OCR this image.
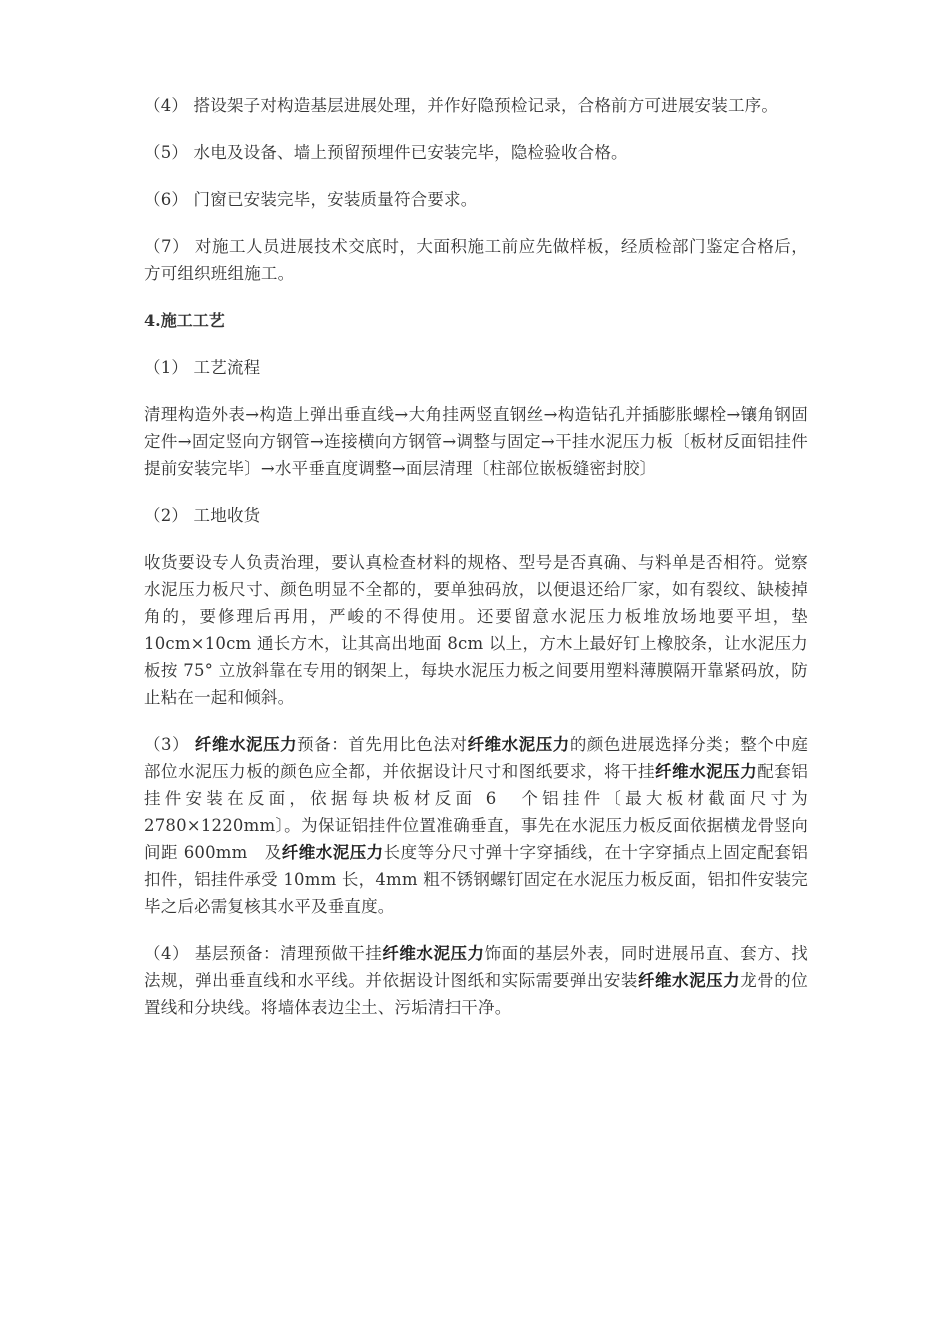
（4） 搭设架子对构造基层进展处理，并作好隐预检记录，合格前方可进展安装工序。

（5） 水电及设备、墙上预留预埋件已安装完毕，隐检验收合格。

（6） 门窗已安装完毕，安装质量符合要求。

（7） 对施工人员进展技术交底时，大面积施工前应先做样板，经质检部门鉴定合格后，方可组织班组施工。

4.施工工艺

（1） 工艺流程

清理构造外表→构造上弹出垂直线→大角挂两竖直钢丝→构造钻孔并插膨胀螺栓→镶角钢固定件→固定竖向方钢管→连接横向方钢管→调整与固定→干挂水泥压力板〔板材反面铝挂件提前安装完毕〕→水平垂直度调整→面层清理〔柱部位嵌板缝密封胶〕

（2） 工地收货

收货要设专人负责治理，要认真检查材料的规格、型号是否真确、与料单是否相符。觉察水泥压力板尺寸、颜色明显不全都的，要单独码放，以便退还给厂家，如有裂纹、缺棱掉角的，要修理后再用，严峻的不得使用。还要留意水泥压力板堆放场地要平坦，垫 10cm×10cm 通长方木，让其高出地面 8cm 以上，方木上最好钉上橡胶条，让水泥压力板按 75° 立放斜靠在专用的钢架上，每块水泥压力板之间要用塑料薄膜隔开靠紧码放，防止粘在一起和倾斜。

（3） 纤维水泥压力预备：首先用比色法对纤维水泥压力的颜色进展选择分类；整个中庭部位水泥压力板的颜色应全都，并依据设计尺寸和图纸要求，将干挂纤维水泥压力配套铝挂件安装在反面，依据每块板材反面 6　个铝挂件〔最大板材截面尺寸为 2780×1220mm〕。为保证铝挂件位置准确垂直，事先在水泥压力板反面依据横龙骨竖向间距 600mm　及纤维水泥压力长度等分尺寸弹十字穿插线，在十字穿插点上固定配套铝扣件，铝挂件承受 10mm 长，4mm 粗不锈钢螺钉固定在水泥压力板反面，铝扣件安装完毕之后必需复核其水平及垂直度。

（4） 基层预备：清理预做干挂纤维水泥压力饰面的基层外表，同时进展吊直、套方、找法规，弹出垂直线和水平线。并依据设计图纸和实际需要弹出安装纤维水泥压力龙骨的位置线和分块线。将墙体表边尘土、污垢清扫干净。
